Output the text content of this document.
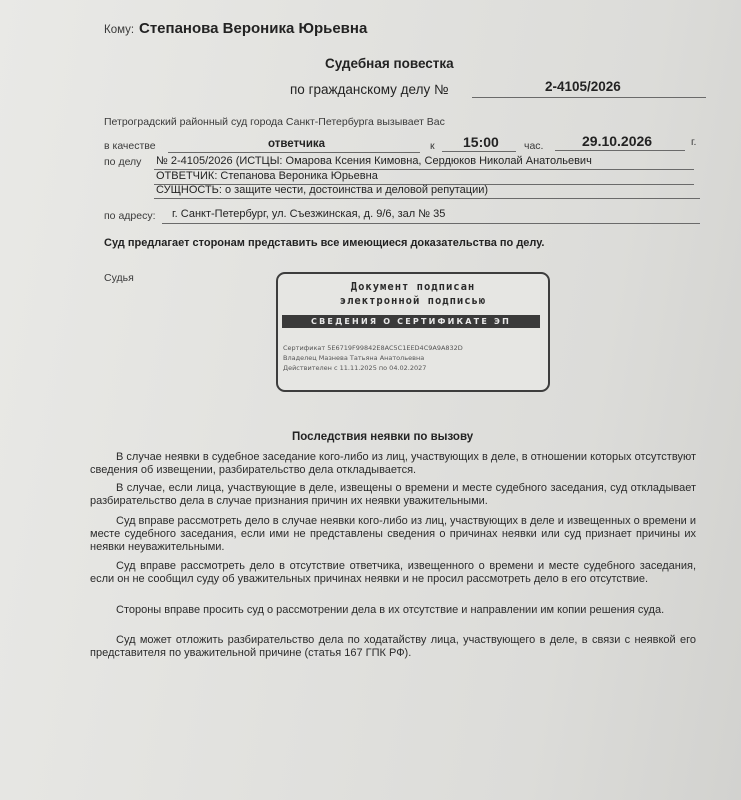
Кому: Степанова Вероника Юрьевна
Судебная повестка
по гражданскому делу №	2-4105/2026
Петроградский районный суд города Санкт-Петербурга вызывает Вас
в качестве	ответчика	к 15:00 час.	29.10.2026	г.
по делу № 2-4105/2026 (ИСТЦЫ: Омарова Ксения Кимовна, Сердюков Николай Анатольевич
ОТВЕТЧИК: Степанова Вероника Юрьевна
СУЩНОСТЬ: о защите чести, достоинства и деловой репутации)
по адресу: г. Санкт-Петербург, ул. Съезжинская, д. 9/6, зал № 35
Суд предлагает сторонам представить все имеющиеся доказательства по делу.
Судья
Документ подписан
электронной подписью
СВЕДЕНИЯ О СЕРТИФИКАТЕ ЭП
Сертификат 5E6719F99842E8AC5C1EED4C9A9A832D
Владелец Мазнева Татьяна Анатольевна
Действителен с 11.11.2025 по 04.02.2027
Последствия неявки по вызову
В случае неявки в судебное заседание кого-либо из лиц, участвующих в деле, в отношении которых отсутствуют сведения об извещении, разбирательство дела откладывается.
В случае, если лица, участвующие в деле, извещены о времени и месте судебного заседания, суд откладывает разбирательство дела в случае признания причин их неявки уважительными.
Суд вправе рассмотреть дело в случае неявки кого-либо из лиц, участвующих в деле и извещенных о времени и месте судебного заседания, если ими не представлены сведения о причинах неявки или суд признает причины их неявки неуважительными.
Суд вправе рассмотреть дело в отсутствие ответчика, извещенного о времени и месте судебного заседания, если он не сообщил суду об уважительных причинах неявки и не просил рассмотреть дело в его отсутствие.
Стороны вправе просить суд о рассмотрении дела в их отсутствие и направлении им копии решения суда.
Суд может отложить разбирательство дела по ходатайству лица, участвующего в деле, в связи с неявкой его представителя по уважительной причине (статья 167 ГПК РФ).
